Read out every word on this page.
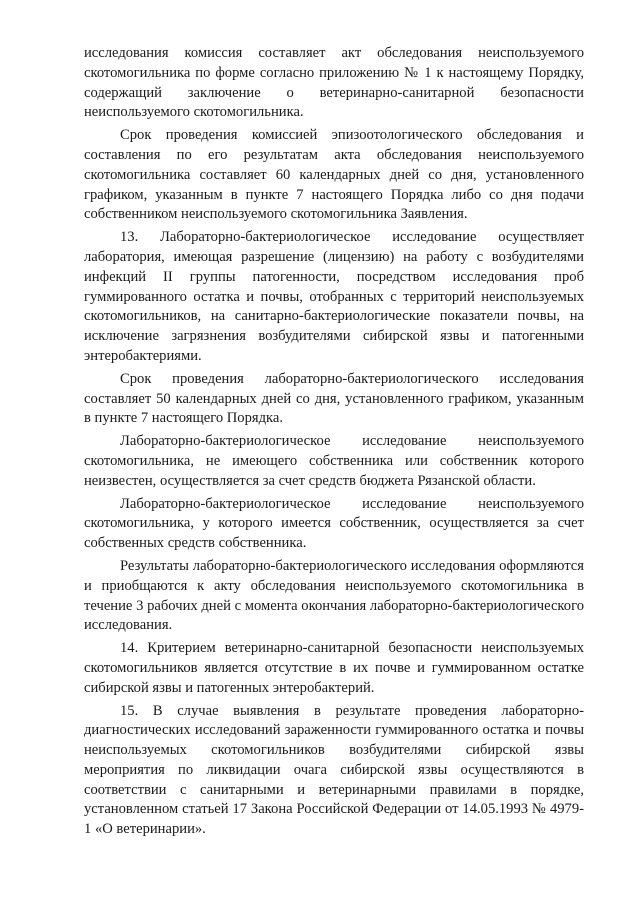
исследования комиссия составляет акт обследования неиспользуемого скотомогильника по форме согласно приложению № 1 к настоящему Порядку, содержащий заключение о ветеринарно-санитарной безопасности неиспользуемого скотомогильника.

Срок проведения комиссией эпизоотологического обследования и составления по его результатам акта обследования неиспользуемого скотомогильника составляет 60 календарных дней со дня, установленного графиком, указанным в пункте 7 настоящего Порядка либо со дня подачи собственником неиспользуемого скотомогильника Заявления.

13. Лабораторно-бактериологическое исследование осуществляет лаборатория, имеющая разрешение (лицензию) на работу с возбудителями инфекций II группы патогенности, посредством исследования проб гуммированного остатка и почвы, отобранных с территорий неиспользуемых скотомогильников, на санитарно-бактериологические показатели почвы, на исключение загрязнения возбудителями сибирской язвы и патогенными энтеробактериями.

Срок проведения лабораторно-бактериологического исследования составляет 50 календарных дней со дня, установленного графиком, указанным в пункте 7 настоящего Порядка.

Лабораторно-бактериологическое исследование неиспользуемого скотомогильника, не имеющего собственника или собственник которого неизвестен, осуществляется за счет средств бюджета Рязанской области.

Лабораторно-бактериологическое исследование неиспользуемого скотомогильника, у которого имеется собственник, осуществляется за счет собственных средств собственника.

Результаты лабораторно-бактериологического исследования оформляются и приобщаются к акту обследования неиспользуемого скотомогильника в течение 3 рабочих дней с момента окончания лабораторно-бактериологического исследования.

14. Критерием ветеринарно-санитарной безопасности неиспользуемых скотомогильников является отсутствие в их почве и гуммированном остатке сибирской язвы и патогенных энтеробактерий.

15. В случае выявления в результате проведения лабораторно-диагностических исследований зараженности гуммированного остатка и почвы неиспользуемых скотомогильников возбудителями сибирской язвы мероприятия по ликвидации очага сибирской язвы осуществляются в соответствии с санитарными и ветеринарными правилами в порядке, установленном статьей 17 Закона Российской Федерации от 14.05.1993 № 4979-1 «О ветеринарии».
